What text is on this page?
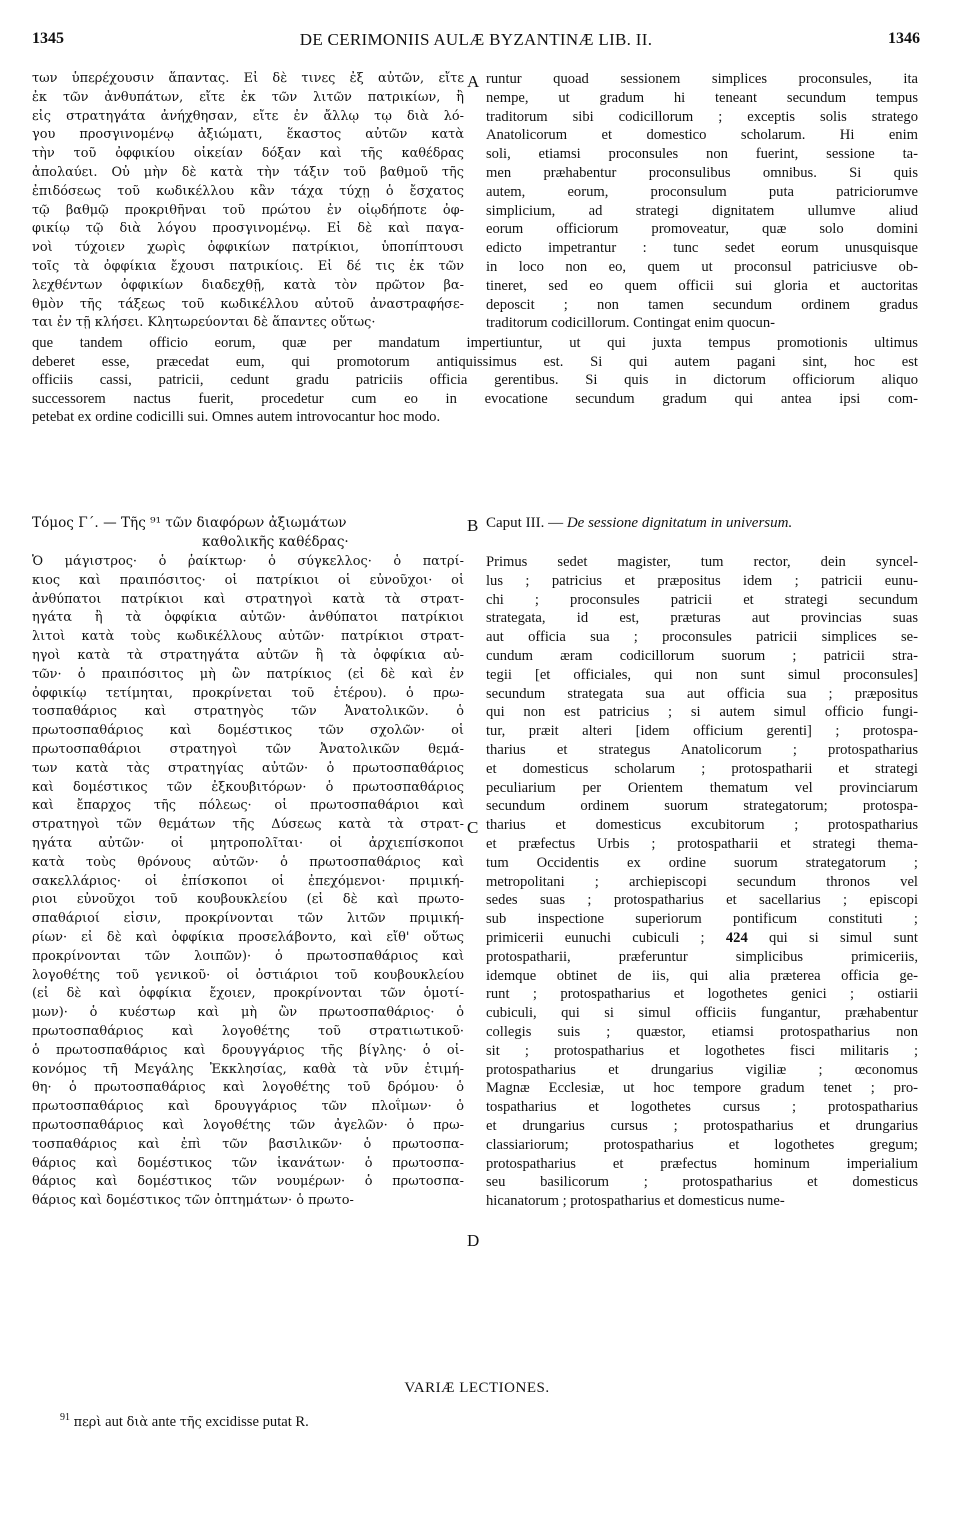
1345	DE CERIMONIIS AULÆ BYZANTINÆ LIB. II.	1346
των ὑπερέχουσιν ἅπαντας. Εἰ δὲ τινες ἐξ αὐτῶν, εἴτε
ἐκ τῶν ἀνθυπάτων, εἴτε ἐκ τῶν λιτῶν πατρικίων, ἢ
εἰς στρατηγάτα ἀνήχθησαν, εἴτε ἐν ἄλλῳ τῳ διὰ λό-
γου προσγινομένῳ ἀξιώματι, ἕκαστος αὐτῶν κατὰ
τὴν τοῦ ὀφφικίου οἰκείαν δόξαν καὶ τῆς καθέδρας
ἀπολαύει. Οὐ μὴν δὲ κατὰ τὴν τάξιν τοῦ βαθμοῦ τῆς
ἐπιδόσεως τοῦ κωδικέλλου κἂν τάχα τύχῃ ὁ ἔσχατος
τῷ βαθμῷ προκριθῆναι τοῦ πρώτου ἐν οἱῳδήποτε ὀφ-
φικίῳ τῷ διὰ λόγου προσγινομένῳ. Εἰ δὲ καὶ παγα-
νοὶ τύχοιεν χωρὶς ὀφφικίων πατρίκιοι, ὑποπίπτουσι
τοῖς τὰ ὀφφίκια ἔχουσι πατρικίοις. Εἰ δέ τις ἐκ τῶν
λεχθέντων ὀφφικίων διαδεχθῇ, κατὰ τὸν πρῶτον βα-
θμὸν τῆς τάξεως τοῦ κωδικέλλου αὐτοῦ ἀναστραφήσε-
ται ἐν τῇ κλήσει. Κλητωρεύονται δὲ ἅπαντες οὕτως·
A runtur quoad sessionem simplices proconsules, ita
nempe, ut gradum hi teneant secundum tempus
traditorum sibi codicillorum ; exceptis solis stratego
Anatolicorum et domestico scholarum. Hi enim
soli, etiamsi proconsules non fuerint, sessione ta-
men præhabentur proconsulibus omnibus. Si quis
autem, eorum, proconsulum puta patriciorumve
simplicium, ad strategi dignitatem ullumve aliud
eorum officiorum promoveatur, quæ solo domini
edicto impetrantur : tunc sedet eorum unusquisque
in loco non eo, quem ut proconsul patriciusve ob-
tineret, sed eo quem officii sui gloria et auctoritas
deposcit ; non tamen secundum ordinem gradus
traditorum codicillorum. Contingat enim quocun-
que tandem officio eorum, quæ per mandatum impertiuntur, ut qui juxta tempus promotionis ultimus
deberet esse, præcedat eum, qui promotorum antiquissimus est. Si qui autem pagani sint, hoc est
officiis cassi, patricii, cedunt gradu patriciis officia gerentibus. Si quis in dictorum officiorum aliquo
successorem nactus fuerit, procedetur cum eo in evocatione secundum gradum qui antea ipsi com-
petebat ex ordine codicilli sui. Omnes autem introvocantur hoc modo.
Τόμος Γ΄. — Τῆς ⁹¹ τῶν διαφόρων ἀξιωμάτων
καθολικῆς καθέδρας·
B Caput III. — De sessione dignitatum in universum.
Ὁ μάγιστρος· ὁ ῥαίκτωρ· ὁ σύγκελλος· ὁ πατρί-
κιος καὶ πραιπόσιτος· οἱ πατρίκιοι οἱ εὐνοῦχοι· οἱ
ἀνθύπατοι πατρίκιοι καὶ στρατηγοὶ κατὰ τὰ στρατ-
ηγάτα ἢ τὰ ὀφφίκια αὐτῶν· ἀνθύπατοι πατρίκιοι
λιτοὶ κατὰ τοὺς κωδικέλλους αὐτῶν· πατρίκιοι στρατ-
ηγοὶ κατὰ τὰ στρατηγάτα αὐτῶν ἢ τὰ ὀφφίκια αὐ-
τῶν· ὁ πραιπόσιτος μὴ ὢν πατρίκιος (εἰ δὲ καὶ ἐν
ὀφφικίῳ τετίμηται, προκρίνεται τοῦ ἑτέρου). ὁ πρω-
τοσπαθάριος καὶ στρατηγὸς τῶν Ἀνατολικῶν. ὁ
πρωτοσπαθάριος καὶ δομέστικος τῶν σχολῶν· οἱ
πρωτοσπαθάριοι στρατηγοὶ τῶν Ἀνατολικῶν θεμά-
των κατὰ τὰς στρατηγίας αὐτῶν· ὁ πρωτοσπαθάριος
καὶ δομέστικος τῶν ἐξκουβιτόρων· ὁ πρωτοσπαθάριος
καὶ ἔπαρχος τῆς πόλεως· οἱ πρωτοσπαθάριοι καὶ
στρατηγοὶ τῶν θεμάτων τῆς Δύσεως κατὰ τὰ στρατ-
ηγάτα αὐτῶν· οἱ μητροπολῖται· οἱ ἀρχιεπίσκοποι
κατὰ τοὺς θρόνους αὐτῶν· ὁ πρωτοσπαθάριος καὶ
σακελλάριος· οἱ ἐπίσκοποι οἱ ἐπεχόμενοι· πριμική-
ριοι εὐνοῦχοι τοῦ κουβουκλείου (εἰ δὲ καὶ πρωτο-
σπαθάριοί εἰσιν, προκρίνονται τῶν λιτῶν πριμική-
ρίων· εἰ δὲ καὶ ὀφφίκια προσελάβοντο, καὶ εἴθ' οὕτως
προκρίνονται τῶν λοιπῶν)· ὁ πρωτοσπαθάριος καὶ
λογοθέτης τοῦ γενικοῦ· οἱ ὀστιάριοι τοῦ κουβουκλείου
(εἰ δὲ καὶ ὀφφίκια ἔχοιεν, προκρίνονται τῶν ὁμοτί-
μων)· ὁ κυέστωρ καὶ μὴ ὢν πρωτοσπαθάριος· ὁ
πρωτοσπαθάριος καὶ λογοθέτης τοῦ στρατιωτικοῦ·
ὁ πρωτοσπαθάριος καὶ δρουγγάριος τῆς βίγλης· ὁ οἰ-
κονόμος τῆ Μεγάλης Ἐκκλησίας, καθὰ τὰ νῦν ἐτιμή-
θη· ὁ πρωτοσπαθάριος καὶ λογοθέτης τοῦ δρόμου· ὁ
πρωτοσπαθάριος καὶ δρουγγάριος τῶν πλοΐμων· ὁ
πρωτοσπαθάριος καὶ λογοθέτης τῶν ἀγελῶν· ὁ πρω-
τοσπαθάριος καὶ ἐπὶ τῶν βασιλικῶν· ὁ πρωτοσπα-
θάριος καὶ δομέστικος τῶν ἱκανάτων· ὁ πρωτοσπα-
θάριος καὶ δομέστικος τῶν νουμέρων· ὁ πρωτοσπα-
θάριος καὶ δομέστικος τῶν ὀπτημάτων· ὁ πρωτο-
C
D
Primus sedet magister, tum rector, dein syncel-
lus ; patricius et præpositus idem ; patricii eunu-
chi ; proconsules patricii et strategi secundum
strategata, id est, præturas aut provincias suas
aut officia sua ; proconsules patricii simplices se-
cundum æram codicillorum suorum ; patricii stra-
tegii [et officiales, qui non sunt simul proconsules]
secundum strategata sua aut officia sua ; præpositus
qui non est patricius ; si autem simul officio fungi-
tur, præit alteri [idem officium gerenti] ; protospa-
tharius et strategus Anatolicorum ; protospatharius
et domesticus scholarum ; protospatharii et strategi
peculiarium per Orientem thematum vel provinciarum
secundum ordinem suorum strategatorum; protospa-
tharius et domesticus excubitorum ; protospatharius
et præfectus Urbis ; protospatharii et strategi thema-
tum Occidentis ex ordine suorum strategatorum ;
metropolitani ; archiepiscopi secundum thronos vel
sedes suas ; protospatharius et sacellarius ; episcopi
sub inspectione superiorum pontificum constituti ;
primicerii eunuchi cubiculi ; 424 qui si simul sunt
protospatharii, præferuntur simplicibus primiceriis,
idemque obtinet de iis, qui alia præterea officia ge-
runt ; protospatharius et logothetes genici ; ostiarii
cubiculi, qui si simul officiis fungantur, præhabentur
collegis suis ; quæstor, etiamsi protospatharius non
sit ; protospatharius et logothetes fisci militaris ;
protospatharius et drungarius vigiliæ ; œconomus
Magnæ Ecclesiæ, ut hoc tempore gradum tenet ; pro-
tospatharius et logothetes cursus ; protospatharius
et drungarius cursus ; protospatharius et drungarius
classiariorum; protospatharius et logothetes gregum;
protospatharius et præfectus hominum imperialium
seu basilicorum ; protospatharius et domesticus
hicanatorum ; protospatharius et domesticus nume-
VARIÆ LECTIONES.
$^{91}$ περὶ aut διὰ ante τῆς excidisse putat R.
